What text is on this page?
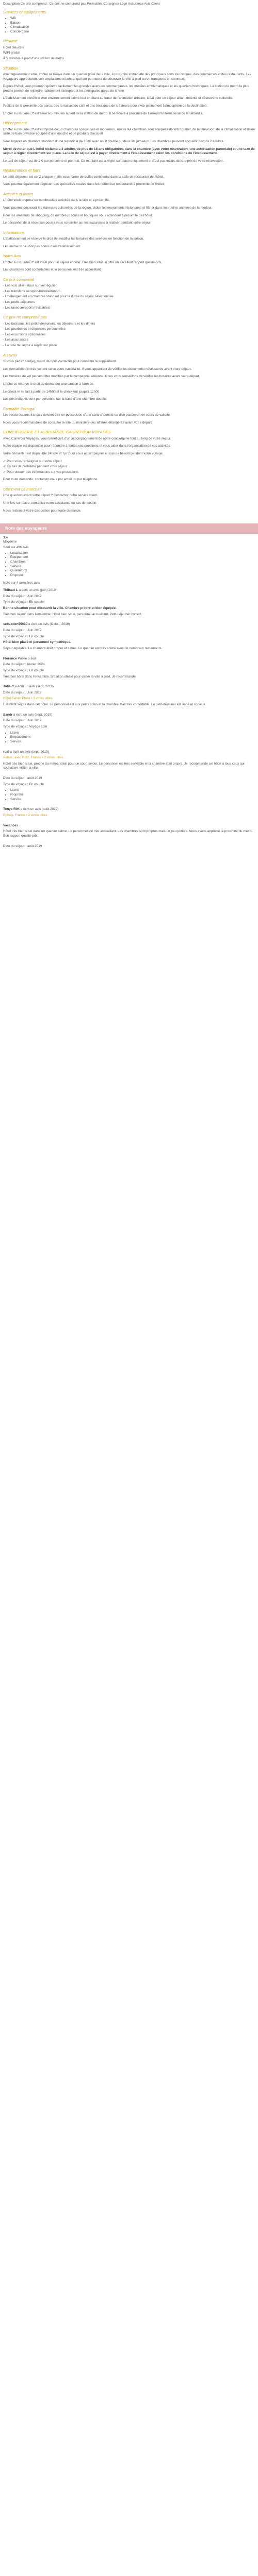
Description Ce prix comprend : Ce prix ne comprend pas Formalités Consignes Loge Assurance Avis Client

Services et équipements
• Wifi
• Balcon
• Climatisation
• Conciergerie
Résumé

Hôtel deluxe/e

WIFI gratuit

À 5 minutes à pied d'une station de métro

Situation

Avantageusement situé, l'hôtel se trouve dans un quartier prisé de la ville, à proximité immédiate des principaux sites touristiques, des commerces et des restaurants. Les voyageurs apprécieront son emplacement central qui leur permettra de découvrir la ville à pied ou en transports en commun.

Depuis l'hôtel, vous pourrez rejoindre facilement les grandes avenues commerçantes, les musées emblématiques et les quartiers historiques. La station de métro la plus proche permet de rejoindre rapidement l'aéroport et les principales gares de la ville.

L'établissement bénéficie d'un environnement calme tout en étant au cœur de l'animation urbaine, idéal pour un séjour alliant détente et découverte culturelle.

Profitez de la proximité des parcs, des terrasses de café et des boutiques de créateurs pour vivre pleinement l'atmosphère de la destination.

L'hôtel Tunis Lune 3* est situé à 5 minutes à pied de la station de métro. Il se trouve à proximité de l'aéroport international de la Lebanza.

Hébergement

L'hôtel Tunis Lune 3* est composé de 50 chambres spacieuses et modernes. Toutes les chambres sont équipées de WIFI gratuit, de la télévision, de la climatisation et d'une salle de bain privative équipée d'une douche et de produits d'accueil.

Vous logerez en chambre standard d'une superficie de 16m² avec un lit double ou deux lits jumeaux. Les chambres peuvent accueillir jusqu'à 2 adultes.

Merci de noter que L'hôtel réclamera 3 adultes de plus de 18 ans obligatoires dans la chambre (avec votre réservation, une autorisation parentale) et une taxe de séjour à régler directement sur place. La taxe de séjour est à payer directement à l'établissement selon les conditions de l'établissement.

Le tarif de séjour est de 2 € par personne et par nuit. Ce montant est à régler sur place uniquement et n'est pas inclus dans le prix de votre réservation.

Restaurations et bars

Le petit-déjeuner est servi chaque matin sous forme de buffet continental dans la salle de restaurant de l'hôtel.

Vous pourrez également déguster des spécialités locales dans les nombreux restaurants à proximité de l'hôtel.

Activités et loisirs

L'hôtel vous propose de nombreuses activités dans la ville et à proximité.

Vous pourrez découvrir les richesses culturelles de la région, visiter les monuments historiques et flâner dans les ruelles animées de la médina.

Pour les amateurs de shopping, de nombreux souks et boutiques vous attendent à proximité de l'hôtel.

Le personnel de la réception pourra vous conseiller sur les excursions à réaliser pendant votre séjour.

Informations

L'établissement se réserve le droit de modifier les horaires des services en fonction de la saison.

Les animaux ne sont pas admis dans l'établissement.

Notre Avis

L'hôtel Tunis Lune 3* est idéal pour un séjour en ville. Très bien situé, il offre un excellent rapport qualité-prix.

Les chambres sont confortables et le personnel est très accueillant.

Ce prix comprend

- Les vols aller-retour sur vol régulier

- Les transferts aéroport/hôtel/aéroport

- L'hébergement en chambre standard pour la durée du séjour sélectionnée

- Les petits-déjeuners

- Les taxes aéroport (révisables)

Ce prix ne comprend pas

- Les boissons, les petits-déjeuners, les déjeuners et les dîners

- Les pourboires et dépenses personnelles

- Les excursions optionnelles

- Les assurances

- La taxe de séjour à régler sur place

A savoir

Si vous partez seul(e), merci de nous contacter pour connaître le supplément.

Les formalités d'entrée varient selon votre nationalité. Il vous appartient de vérifier les documents nécessaires avant votre départ.

Les horaires de vol peuvent être modifiés par la compagnie aérienne. Nous vous conseillons de vérifier les horaires avant votre départ.

L'hôtel se réserve le droit de demander une caution à l'arrivée.

Le check-in se fait à partir de 14h00 et le check-out jusqu'à 12h00.

Les prix indiqués sont par personne sur la base d'une chambre double.

Formalité Portugal

Les ressortissants français doivent être en possession d'une carte d'identité ou d'un passeport en cours de validité.

Nous vous recommandons de consulter le site du ministère des affaires étrangères avant votre départ.

CONCIERGERIE ET ASSISTANCE CARREFOUR VOYAGES

Avec Carrefour Voyages, vous bénéficiez d'un accompagnement de notre conciergerie tout au long de votre séjour.

Notre équipe est disponible pour répondre à toutes vos questions et vous aider dans l'organisation de vos activités.

Votre conseiller est disponible 24h/24 et 7j/7 pour vous accompagner en cas de besoin pendant votre voyage.

✓ Pour vous renseigner sur votre séjour

✓ En cas de problème pendant votre séjour

✓ Pour obtenir des informations sur vos prestations

Pour toute demande, contactez-nous par email ou par téléphone.

Comment ça marche?

Une question avant votre départ ? Contactez notre service client.

Une fois sur place, contactez notre assistance en cas de besoin.

Nous restons à votre disposition pour toute demande.

Note des voyageurs

3.4

Moyenne

Sont sur 496 Avis

• Localisation
• Équipement
• Chambres
• Service
• Qualité/prix
• Propreté

Noté sur 4 dernières avis

Thibaut L a écrit un avis (juin) 2019

Date du séjour : Juin 2019

Type de voyage : En couple

Bonne situation pour découvrir la ville. Chambre propre et bien équipée.

Très bon séjour dans l'ensemble. Hôtel bien situé, personnel accueillant. Petit-déjeuner correct.

sebastien55000 a écrit un avis (Octo... 2019)

Date du séjour : Juin 2019

Type de voyage : En couple

Hôtel bien placé et personnel sympathique.

Séjour agréable. La chambre était propre et calme. Le quartier est très animé avec de nombreux restaurants.

Florence Publié 5 avis

Date du séjour : février 2024

Type de voyage : En couple

Très bon hôtel dans l'ensemble. Situation idéale pour visiter la ville à pied. Je recommande.

Julie C a écrit un avis (sept. 2019)

Date du séjour : Juin 2019

Hôtel Farrell Plaza • 3 votes utiles

Excellent séjour dans cet hôtel. Le personnel est aux petits soins et la chambre était très confortable. Le petit-déjeuner est varié et copieux.

Sandr a écrit un avis (sept. 2019)

Date du séjour : Juin 2019

Type de voyage : Voyage solo

• Literie
• Emplacement
• Service

rusI a écrit un avis (sept. 2019)

Aahus, avec Rotz, France • 2 votes utiles

Hôtel très bien situé, proche du métro. Idéal pour un court séjour. Le personnel est très serviable et la chambre était propre. Je recommande cet hôtel à tous ceux qui souhaitent visiter la ville.

Date du séjour : août 2019

Type de voyage : En couple

• Literie
• Propreté
• Service

Tonys R94 a écrit un avis (août 2019)

Epinay, France • 3 votes utiles

Vacances

Hôtel très bien situé dans un quartier calme. Le personnel est très accueillant. Les chambres sont propres mais un peu petites. Nous avons apprécié la proximité du métro. Bon rapport qualité-prix.

Date du séjour : août 2019
